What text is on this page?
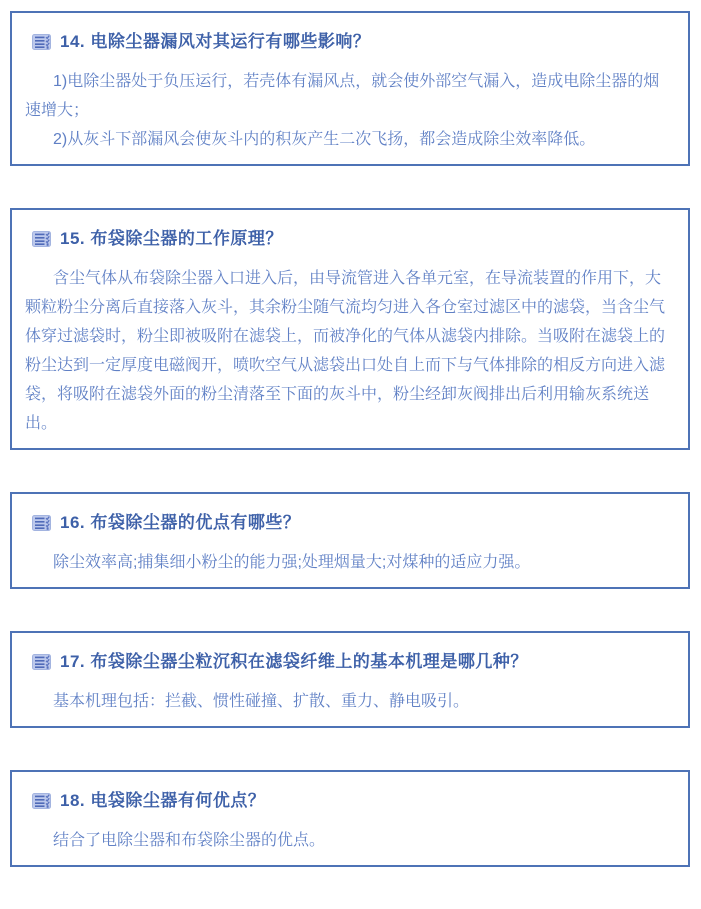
14. 电除尘器漏风对其运行有哪些影响？

1)电除尘器处于负压运行，若壳体有漏风点，就会使外部空气漏入，造成电除尘器的烟速增大；

2)从灰斗下部漏风会使灰斗内的积灰产生二次飞扬，都会造成除尘效率降低。

15. 布袋除尘器的工作原理？

含尘气体从布袋除尘器入口进入后，由导流管进入各单元室，在导流装置的作用下，大颗粒粉尘分离后直接落入灰斗，其余粉尘随气流均匀进入各仓室过滤区中的滤袋，当含尘气体穿过滤袋时，粉尘即被吸附在滤袋上，而被净化的气体从滤袋内排除。当吸附在滤袋上的粉尘达到一定厚度电磁阀开，喷吹空气从滤袋出口处自上而下与气体排除的相反方向进入滤袋，将吸附在滤袋外面的粉尘清落至下面的灰斗中，粉尘经卸灰阀排出后利用输灰系统送出。

16. 布袋除尘器的优点有哪些？

除尘效率高;捕集细小粉尘的能力强;处理烟量大;对煤种的适应力强。

17. 布袋除尘器尘粒沉积在滤袋纤维上的基本机理是哪几种？

基本机理包括：拦截、惯性碰撞、扩散、重力、静电吸引。

18. 电袋除尘器有何优点？

结合了电除尘器和布袋除尘器的优点。
